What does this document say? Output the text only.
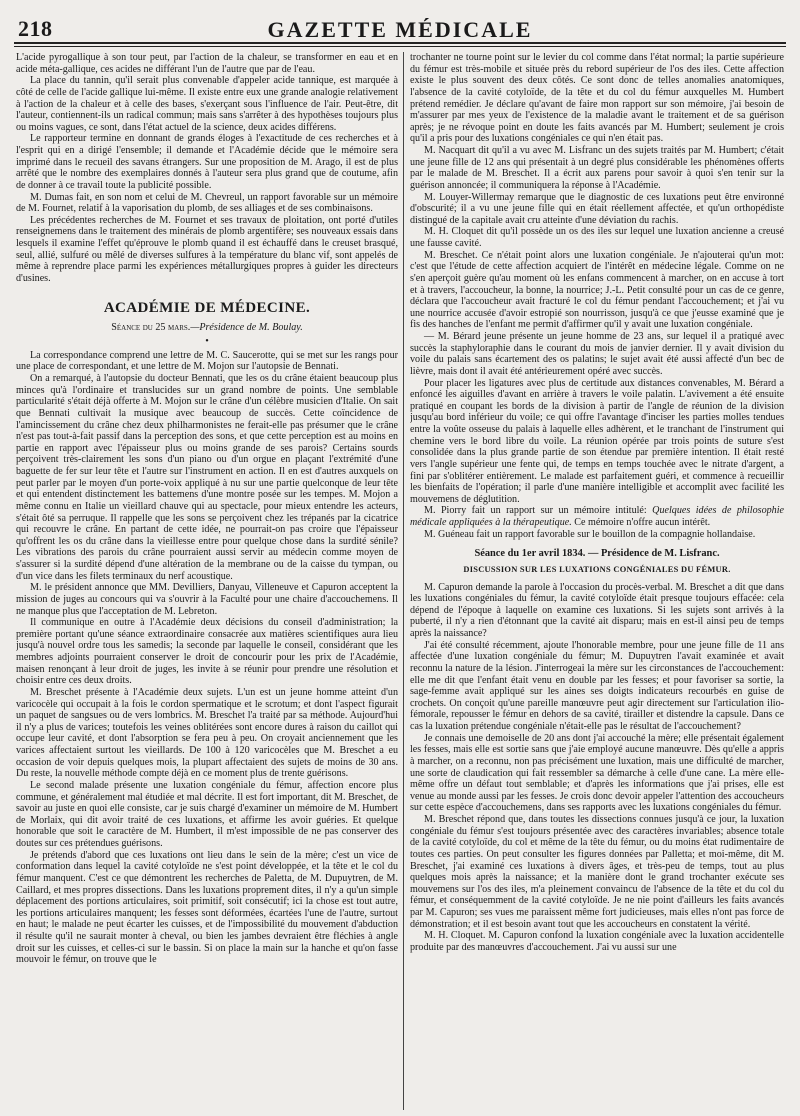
218	GAZETTE MÉDICALE

L'acide pyrogallique à son tour peut, par l'action de la chaleur, se transformer en eau et en acide méta-gallique, ces acides ne différant l'un de l'autre que par de l'eau.

La place du tannin, qu'il serait plus convenable d'appeler acide tannique, est marquée à côté de celle de l'acide gallique lui-même. Il existe entre eux une grande analogie relativement à l'action de la chaleur et à celle des bases, s'exerçant sous l'influence de l'air. Peut-être, dit l'auteur, contiennent-ils un radical commun; mais sans s'arrêter à des hypothèses toujours plus ou moins vagues, ce sont, dans l'état actuel de la science, deux acides différens.

Le rapporteur termine en donnant de grands éloges à l'exactitude de ces recherches et à l'esprit qui en a dirigé l'ensemble; il demande et l'Académie décide que le mémoire sera imprimé dans le recueil des savans étrangers. Sur une proposition de M. Arago, il est de plus arrêté que le nombre des exemplaires donnés à l'auteur sera plus grand que de coutume, afin de donner à ce travail toute la publicité possible.

M. Dumas fait, en son nom et celui de M. Chevreul, un rapport favorable sur un mémoire de M. Fournet, relatif à la vaporisation du plomb, de ses alliages et de ses combinaisons.

Les précédentes recherches de M. Fournet et ses travaux de ploitation, ont porté d'utiles renseignemens dans le traitement des minérais de plomb argentifère; ses nouveaux essais dans lesquels il examine l'effet qu'éprouve le plomb quand il est échauffé dans le creuset brasqué, seul, allié, sulfuré ou mêlé de diverses sulfures à la température du blanc vif, sont appelés de même à reprendre place parmi les expériences métallurgiques propres à guider les directeurs d'usines.

ACADÉMIE DE MÉDECINE.

Séance du 25 mars.—Présidence de M. Boulay.

•

La correspondance comprend une lettre de M. C. Saucerotte, qui se met sur les rangs pour une place de correspondant, et une lettre de M. Mojon sur l'autopsie de Bennati.

On a remarqué, à l'autopsie du docteur Bennati, que les os du crâne étaient beaucoup plus minces qu'à l'ordinaire et translucides sur un grand nombre de points. Une semblable particularité s'était déjà offerte à M. Mojon sur le crâne d'un célèbre musicien d'Italie. On sait que Bennati cultivait la musique avec beaucoup de succès. Cette coïncidence de l'amincissement du crâne chez deux philharmonistes ne ferait-elle pas présumer que le crâne n'est pas tout-à-fait passif dans la perception des sons, et que cette perception est au moins en partie en rapport avec l'épaisseur plus ou moins grande de ses parois? Certains sourds perçoivent très-clairement les sons d'un piano ou d'un orgue en plaçant l'extrémité d'une baguette de fer sur leur tête et l'autre sur l'instrument en action. Il en est d'autres auxquels on peut parler par le moyen d'un porte-voix appliqué à nu sur une partie quelconque de leur tête et qui entendent distinctement les battemens d'une montre posée sur les tempes. M. Mojon a même connu en Italie un vieillard chauve qui au spectacle, pour mieux entendre les acteurs, s'était ôté sa perruque. Il rappelle que les sons se perçoivent chez les trépanés par la cicatrice qui recouvre le crâne. En partant de cette idée, ne pourrait-on pas croire que l'épaisseur qu'offrent les os du crâne dans la vieillesse entre pour quelque chose dans la surdité sénile? Les vibrations des parois du crâne pourraient aussi servir au médecin comme moyen de s'assurer si la surdité dépend d'une altération de la membrane ou de la caisse du tympan, ou d'un vice dans les filets terminaux du nerf acoustique.

M. le président annonce que MM. Devilliers, Danyau, Villeneuve et Capuron acceptent la mission de juges au concours qui va s'ouvrir à la Faculté pour une chaire d'accouchemens. Il ne manque plus que l'acceptation de M. Lebreton.

Il communique en outre à l'Académie deux décisions du conseil d'administration; la première portant qu'une séance extraordinaire consacrée aux matières scientifiques aura lieu jusqu'à nouvel ordre tous les samedis; la seconde par laquelle le conseil, considérant que les membres adjoints pourraient conserver le droit de concourir pour les prix de l'Académie, maisen renonçant à leur droit de juges, les invite à se réunir pour prendre une résolution et choisir entre ces deux droits.

M. Breschet présente à l'Académie deux sujets. L'un est un jeune homme atteint d'un varicocèle qui occupait à la fois le cordon spermatique et le scrotum; et dont l'aspect figurait un paquet de sangsues ou de vers lombrics. M. Breschet l'a traité par sa méthode. Aujourd'hui il n'y a plus de varices; toutefois les veines oblitérées sont encore dures à raison du caillot qui occupe leur cavité, et dont l'absorption se fera peu à peu. On croyait anciennement que les varices affectaient surtout les vieillards. De 100 à 120 varicocèles que M. Breschet a eu occasion de voir depuis quelques mois, la plupart affectaient des sujets de moins de 30 ans. Du reste, la nouvelle méthode compte déjà en ce moment plus de trente guérisons.

Le second malade présente une luxation congéniale du fémur, affection encore plus commune, et généralement mal étudiée et mal décrite. Il est fort important, dit M. Breschet, de savoir au juste en quoi elle consiste, car je suis chargé d'examiner un mémoire de M. Humbert de Morlaix, qui dit avoir traité de ces luxations, et affirme les avoir guéries. Et quelque honorable que soit le caractère de M. Humbert, il m'est impossible de ne pas conserver des doutes sur ces prétendues guérisons.

Je prétends d'abord que ces luxations ont lieu dans le sein de la mère; c'est un vice de conformation dans lequel la cavité cotyloïde ne s'est point développée, et la tête et le col du fémur manquent. C'est ce que démontrent les recherches de Paletta, de M. Dupuytren, de M. Caillard, et mes propres dissections. Dans les luxations proprement dites, il n'y a qu'un simple déplacement des portions articulaires, soit primitif, soit consécutif; ici la chose est tout autre, les portions articulaires manquent; les fesses sont déformées, écartées l'une de l'autre, surtout en haut; le malade ne peut écarter les cuisses, et de l'impossibilité du mouvement d'abduction il résulte qu'il ne saurait monter à cheval, ou bien les jambes devraient être fléchies à angle droit sur les cuisses, et celles-ci sur le bassin. Si on place la main sur la hanche et qu'on fasse mouvoir le fémur, on trouve que le

trochanter ne tourne point sur le levier du col comme dans l'état normal; la partie supérieure du fémur est très-mobile et située près du rebord supérieur de l'os des iles. Cette affection existe le plus souvent des deux côtés. Ce sont donc de telles anomalies anatomiques, l'absence de la cavité cotyloïde, de la tête et du col du fémur auxquelles M. Humbert prétend remédier. Je déclare qu'avant de faire mon rapport sur son mémoire, j'ai besoin de m'assurer par mes yeux de l'existence de la maladie avant le traitement et de sa guérison après; je ne révoque point en doute les faits avancés par M. Humbert; seulement je crois qu'il a pris pour des luxations congéniales ce qui n'en était pas.

M. Nacquart dit qu'il a vu avec M. Lisfranc un des sujets traités par M. Humbert; c'était une jeune fille de 12 ans qui présentait à un degré plus considérable les phénomènes offerts par le malade de M. Breschet. Il a écrit aux parens pour savoir à quoi s'en tenir sur la guérison annoncée; il communiquera la réponse à l'Académie.

M. Louyer-Willermay remarque que le diagnostic de ces luxations peut être environné d'obscurité; il a vu une jeune fille qui en était réellement affectée, et qu'un orthopédiste distingué de la capitale avait cru atteinte d'une déviation du rachis.

M. H. Cloquet dit qu'il possède un os des iles sur lequel une luxation ancienne a creusé une fausse cavité.

M. Breschet. Ce n'était point alors une luxation congéniale. Je n'ajouterai qu'un mot: c'est que l'étude de cette affection acquiert de l'intérêt en médecine légale. Comme on ne s'en aperçoit guère qu'au moment où les enfans commencent à marcher, on en accuse à tort et à travers, l'accoucheur, la bonne, la nourrice; J.-L. Petit consulté pour un cas de ce genre, déclara que l'accoucheur avait fracturé le col du fémur pendant l'accouchement; et j'ai vu une nourrice accusée d'avoir estropié son nourrisson, jusqu'à ce que j'eusse examiné que je fis des hanches de l'enfant me permit d'affirmer qu'il y avait une luxation congéniale.

— M. Bérard jeune présente un jeune homme de 23 ans, sur lequel il a pratiqué avec succès la staphyloraphie dans le courant du mois de janvier dernier. Il y avait division du voile du palais sans écartement des os palatins; le sujet avait été aussi affecté d'un bec de lièvre, mais dont il avait été antérieurement opéré avec succès.

Pour placer les ligatures avec plus de certitude aux distances convenables, M. Bérard a enfoncé les aiguilles d'avant en arrière à travers le voile palatin. L'avivement a été ensuite pratiqué en coupant les bords de la division à partir de l'angle de réunion de la division jusqu'au bord inférieur du voile; ce qui offre l'avantage d'inciser les parties molles tendues entre la voûte osseuse du palais à laquelle elles adhèrent, et le tranchant de l'instrument qui chemine vers le bord libre du voile. La réunion opérée par trois points de suture s'est consolidée dans la plus grande partie de son étendue par première intention. Il était resté vers l'angle supérieur une fente qui, de temps en temps touchée avec le nitrate d'argent, a fini par s'oblitérer entièrement. Le malade est parfaitement guéri, et commence à recueillir les bienfaits de l'opération; il parle d'une manière intelligible et accomplit avec facilité les mouvemens de déglutition.

M. Piorry fait un rapport sur un mémoire intitulé: Quelques idées de philosophie médicale appliquées à la thérapeutique. Ce mémoire n'offre aucun intérêt.

M. Guéneau fait un rapport favorable sur le bouillon de la compagnie hollandaise.

Séance du 1er avril 1834. — Présidence de M. Lisfranc.

DISCUSSION SUR LES LUXATIONS CONGÉNIALES DU FÉMUR.

M. Capuron demande la parole à l'occasion du procès-verbal. M. Breschet a dit que dans les luxations congéniales du fémur, la cavité cotyloïde était presque toujours effacée: cela dépend de l'époque à laquelle on examine ces luxations. Si les sujets sont arrivés à la puberté, il n'y a rien d'étonnant que la cavité ait disparu; mais en est-il ainsi peu de temps après la naissance?

J'ai été consulté récemment, ajoute l'honorable membre, pour une jeune fille de 11 ans affectée d'une luxation congéniale du fémur; M. Dupuytren l'avait examinée et avait reconnu la nature de la lésion. J'interrogeai la mère sur les circonstances de l'accouchement: elle me dit que l'enfant était venu en double par les fesses; et pour favoriser sa sortie, la sage-femme avait appliqué sur les aines ses doigts indicateurs recourbés en guise de crochets. On conçoit qu'une pareille manœuvre peut agir directement sur l'articulation ilio-fémorale, repousser le fémur en dehors de sa cavité, tirailler et distendre la capsule. Dans ce cas la luxation prétendue congéniale n'était-elle pas le résultat de l'accouchement?

Je connais une demoiselle de 20 ans dont j'ai accouché la mère; elle présentait également les fesses, mais elle est sortie sans que j'aie employé aucune manœuvre. Dès qu'elle a appris à marcher, on a reconnu, non pas précisément une luxation, mais une difficulté de marcher, une sorte de claudication qui fait ressembler sa démarche à celle d'une cane. La mère elle-même offre un défaut tout semblable; et d'après les informations que j'ai prises, elle est venue au monde aussi par les fesses. Je crois donc devoir appeler l'attention des accoucheurs sur cette espèce d'accouchemens, dans ses rapports avec les luxations congéniales du fémur.

M. Breschet répond que, dans toutes les dissections connues jusqu'à ce jour, la luxation congéniale du fémur s'est toujours présentée avec des caractères invariables; absence totale de la cavité cotyloïde, du col et même de la tête du fémur, ou du moins état rudimentaire de toutes ces parties. On peut consulter les figures données par Palletta; et moi-même, dit M. Breschet, j'ai examiné ces luxations à divers âges, et très-peu de temps, tout au plus quelques mois après la naissance; et la manière dont le grand trochanter exécute ses mouvemens sur l'os des iles, m'a pleinement convaincu de l'absence de la tête et du col du fémur, et conséquemment de la cavité cotyloïde. Je ne nie point d'ailleurs les faits avancés par M. Capuron; ses vues me paraissent même fort judicieuses, mais elles n'ont pas force de démonstration; et il est besoin avant tout que les accoucheurs en constatent la vérité.

M. H. Cloquet. M. Capuron confond la luxation congéniale avec la luxation accidentelle produite par des manœuvres d'accouchement. J'ai vu aussi sur une
